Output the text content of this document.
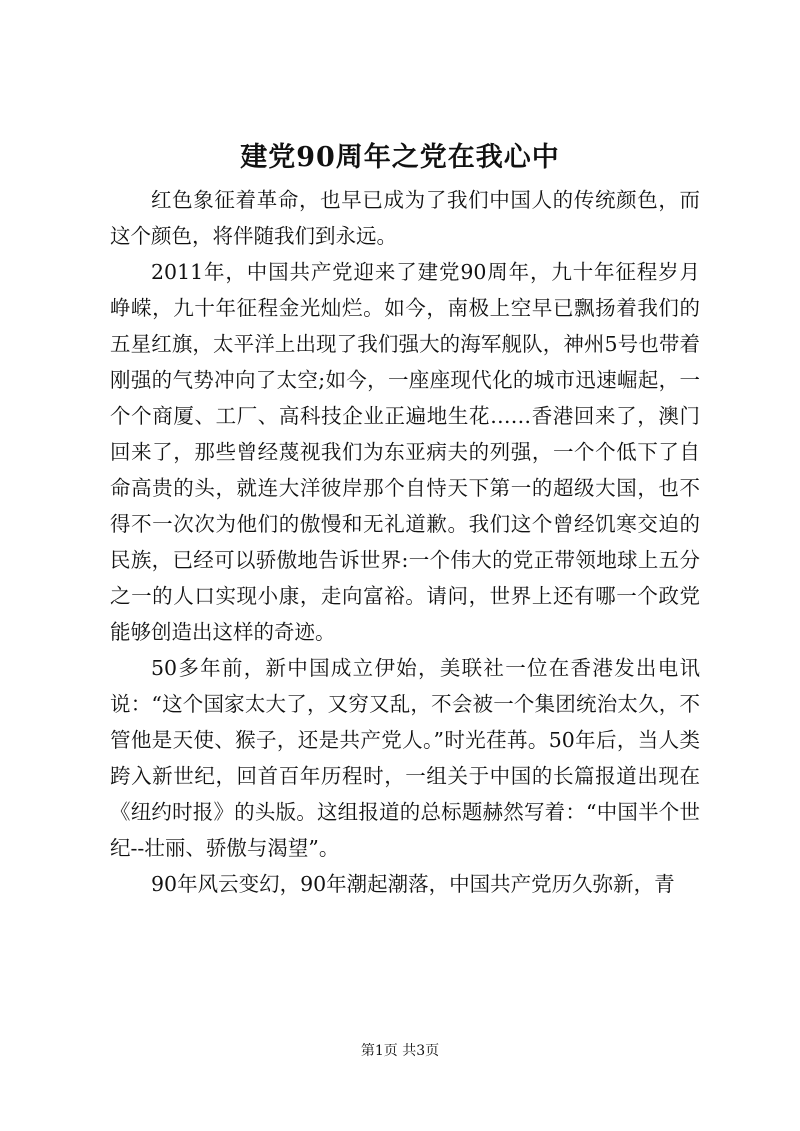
建党90周年之党在我心中

红色象征着革命，也早已成为了我们中国人的传统颜色，而这个颜色，将伴随我们到永远。

2011年，中国共产党迎来了建党90周年，九十年征程岁月峥嵘，九十年征程金光灿烂。如今，南极上空早已飘扬着我们的五星红旗，太平洋上出现了我们强大的海军舰队，神州5号也带着刚强的气势冲向了太空;如今，一座座现代化的城市迅速崛起，一个个商厦、工厂、高科技企业正遍地生花……香港回来了，澳门回来了，那些曾经蔑视我们为东亚病夫的列强，一个个低下了自命高贵的头，就连大洋彼岸那个自恃天下第一的超级大国，也不得不一次次为他们的傲慢和无礼道歉。我们这个曾经饥寒交迫的民族，已经可以骄傲地告诉世界:一个伟大的党正带领地球上五分之一的人口实现小康，走向富裕。请问，世界上还有哪一个政党能够创造出这样的奇迹。

50多年前，新中国成立伊始，美联社一位在香港发出电讯说：“这个国家太大了，又穷又乱，不会被一个集团统治太久，不管他是天使、猴子，还是共产党人。”时光荏苒。50年后，当人类跨入新世纪，回首百年历程时，一组关于中国的长篇报道出现在《纽约时报》的头版。这组报道的总标题赫然写着：“中国半个世纪--壮丽、骄傲与渴望”。

90年风云变幻，90年潮起潮落，中国共产党历久弥新，青

第1页 共3页
